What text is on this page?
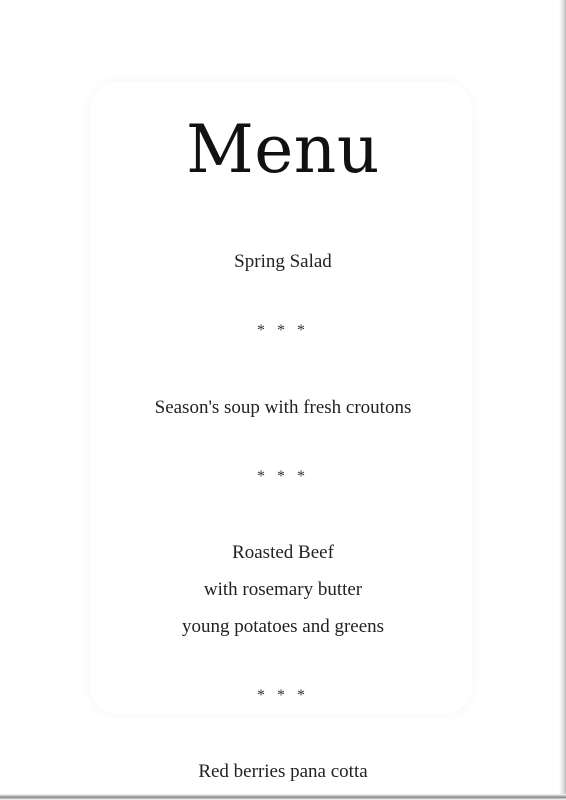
Menu
Spring Salad
* * *
Season's soup with fresh croutons
* * *
Roasted Beef
with rosemary butter
young potatoes and greens
* * *
Red berries pana cotta
